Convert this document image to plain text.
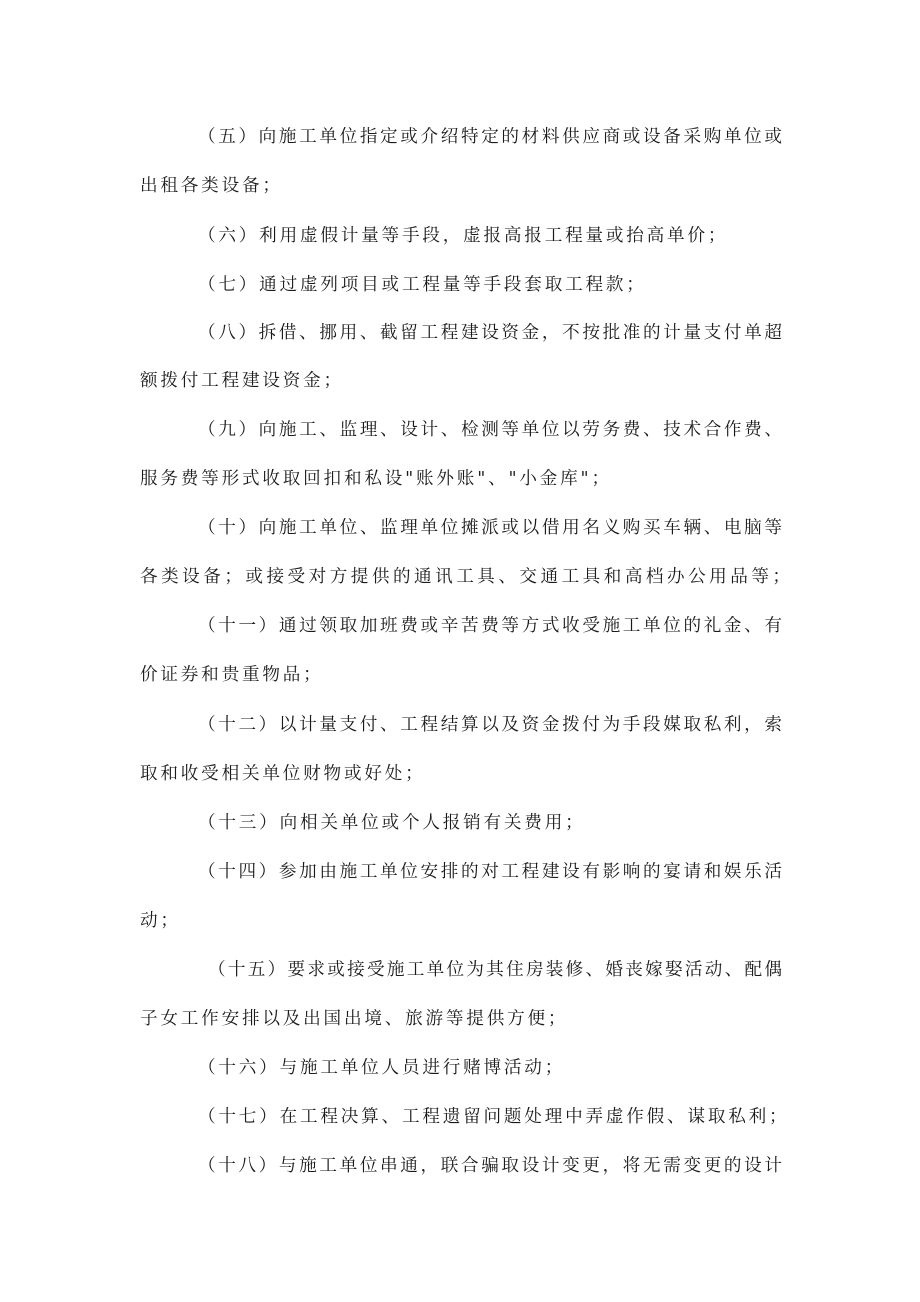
（五）向施工单位指定或介绍特定的材料供应商或设备采购单位或

出租各类设备；

（六）利用虚假计量等手段，虚报高报工程量或抬高单价；

（七）通过虚列项目或工程量等手段套取工程款；

（八）拆借、挪用、截留工程建设资金，不按批准的计量支付单超

额拨付工程建设资金；

（九）向施工、监理、设计、检测等单位以劳务费、技术合作费、

服务费等形式收取回扣和私设"账外账"、"小金库"；

（十）向施工单位、监理单位摊派或以借用名义购买车辆、电脑等

各类设备；或接受对方提供的通讯工具、交通工具和高档办公用品等；

（十一）通过领取加班费或辛苦费等方式收受施工单位的礼金、有

价证券和贵重物品；

（十二）以计量支付、工程结算以及资金拨付为手段媒取私利，索

取和收受相关单位财物或好处；

（十三）向相关单位或个人报销有关费用；

（十四）参加由施工单位安排的对工程建设有影响的宴请和娱乐活

动；

（十五）要求或接受施工单位为其住房装修、婚丧嫁娶活动、配偶

子女工作安排以及出国出境、旅游等提供方便；

（十六）与施工单位人员进行赌博活动；

（十七）在工程决算、工程遗留问题处理中弄虚作假、谋取私利；

（十八）与施工单位串通，联合骗取设计变更，将无需变更的设计
